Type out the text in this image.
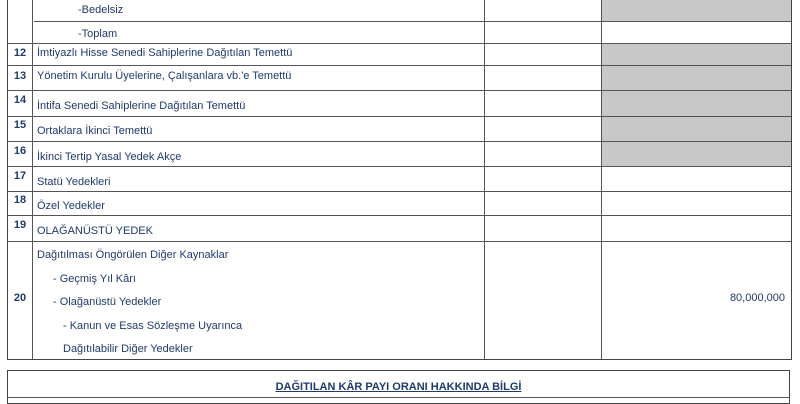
-Bedelsiz
-Toplam
12 İmtiyazlı Hisse Senedi Sahiplerine Dağıtılan Temettü
13 Yönetim Kurulu Üyelerine, Çalışanlara vb.'e Temettü
14 İntifa Senedi Sahiplerine Dağıtılan Temettü
15 Ortaklara İkinci Temettü
16 İkinci Tertip Yasal Yedek Akçe
17 Statü Yedekleri
18 Özel Yedekler
19 OLAĞANÜSTÜ YEDEK
20
Dağıtılması Öngörülen Diğer Kaynaklar
- Geçmiş Yıl Kârı
- Olağanüstü Yedekler
- Kanun ve Esas Sözleşme Uyarınca
Dağıtılabilir Diğer Yedekler
80,000,000
DAĞITILAN KÂR PAYI ORANI HAKKINDA BİLGİ
